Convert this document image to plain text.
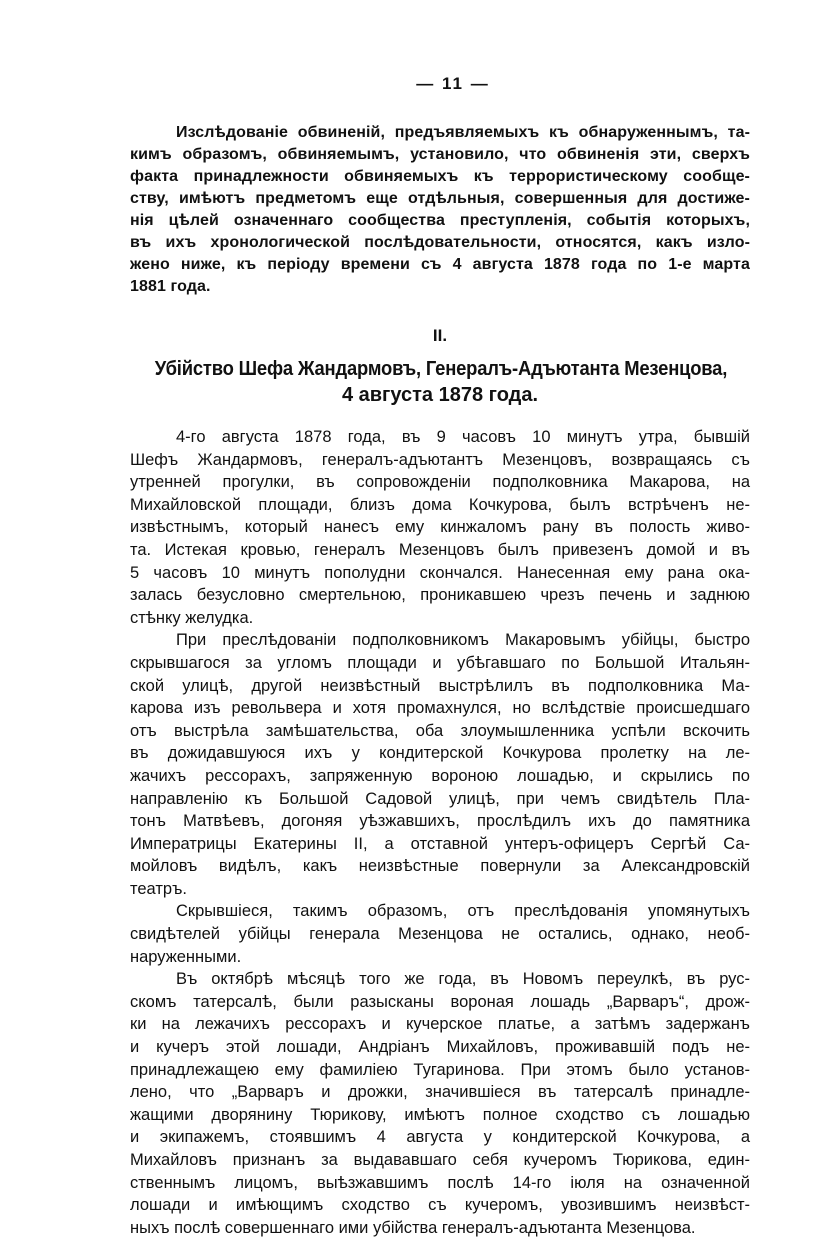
— 11 —
Изслѣдованіе обвиненій, предъявляемыхъ къ обнаруженнымъ, та-
кимъ образомъ, обвиняемымъ, установило, что обвиненія эти, сверхъ
факта принадлежности обвиняемыхъ къ террористическому сообще-
ству, имѣютъ предметомъ еще отдѣльныя, совершенныя для достиже-
нія цѣлей означеннаго сообщества преступленія, событія которыхъ,
въ ихъ хронологической послѣдовательности, относятся, какъ изло-
жено ниже, къ періоду времени съ 4 августа 1878 года по 1-е марта
1881 года.
II.
Убійство Шефа Жандармовъ, Генералъ-Адъютанта Мезенцова,
4 августа 1878 года.
4-го августа 1878 года, въ 9 часовъ 10 минутъ утра, бывшій
Шефъ Жандармовъ, генералъ-адъютантъ Мезенцовъ, возвращаясь съ
утренней прогулки, въ сопровожденіи подполковника Макарова, на
Михайловской площади, близъ дома Кочкурова, былъ встрѣченъ не-
извѣстнымъ, который нанесъ ему кинжаломъ рану въ полость живо-
та. Истекая кровью, генералъ Мезенцовъ былъ привезенъ домой и въ
5 часовъ 10 минутъ пополудни скончался. Нанесенная ему рана ока-
залась безусловно смертельною, проникавшею чрезъ печень и заднюю
стѣнку желудка.
При преслѣдованіи подполковникомъ Макаровымъ убійцы, быстро
скрывшагося за угломъ площади и убѣгавшаго по Большой Итальян-
ской улицѣ, другой неизвѣстный выстрѣлилъ въ подполковника Ма-
карова изъ револьвера и хотя промахнулся, но вслѣдствіе происшедшаго
отъ выстрѣла замѣшательства, оба злоумышленника успѣли вскочить
въ дожидавшуюся ихъ у кондитерской Кочкурова пролетку на ле-
жачихъ рессорахъ, запряженную вороною лошадью, и скрылись по
направленію къ Большой Садовой улицѣ, при чемъ свидѣтель Пла-
тонъ Матвѣевъ, догоняя уѣзжавшихъ, прослѣдилъ ихъ до памятника
Императрицы Екатерины II, а отставной унтеръ-офицеръ Сергѣй Са-
мойловъ видѣлъ, какъ неизвѣстные повернули за Александровскій
театръ.
Скрывшіеся, такимъ образомъ, отъ преслѣдованія упомянутыхъ
свидѣтелей убійцы генерала Мезенцова не остались, однако, необ-
наруженными.
Въ октябрѣ мѣсяцѣ того же года, въ Новомъ переулкѣ, въ рус-
скомъ татерсалѣ, были разысканы вороная лошадь „Варваръ“, дрож-
ки на лежачихъ рессорахъ и кучерское платье, а затѣмъ задержанъ
и кучеръ этой лошади, Андріанъ Михайловъ, проживавшій подъ не-
принадлежащею ему фамиліею Тугаринова. При этомъ было установ-
лено, что „Варваръ и дрожки, значившіеся въ татерсалѣ принадле-
жащими дворянину Тюрикову, имѣютъ полное сходство съ лошадью
и экипажемъ, стоявшимъ 4 августа у кондитерской Кочкурова, а
Михайловъ признанъ за выдававшаго себя кучеромъ Тюрикова, един-
ственнымъ лицомъ, выѣзжавшимъ послѣ 14-го іюля на означенной
лошади и имѣющимъ сходство съ кучеромъ, увозившимъ неизвѣст-
ныхъ послѣ совершеннаго ими убійства генералъ-адъютанта Мезенцова.
